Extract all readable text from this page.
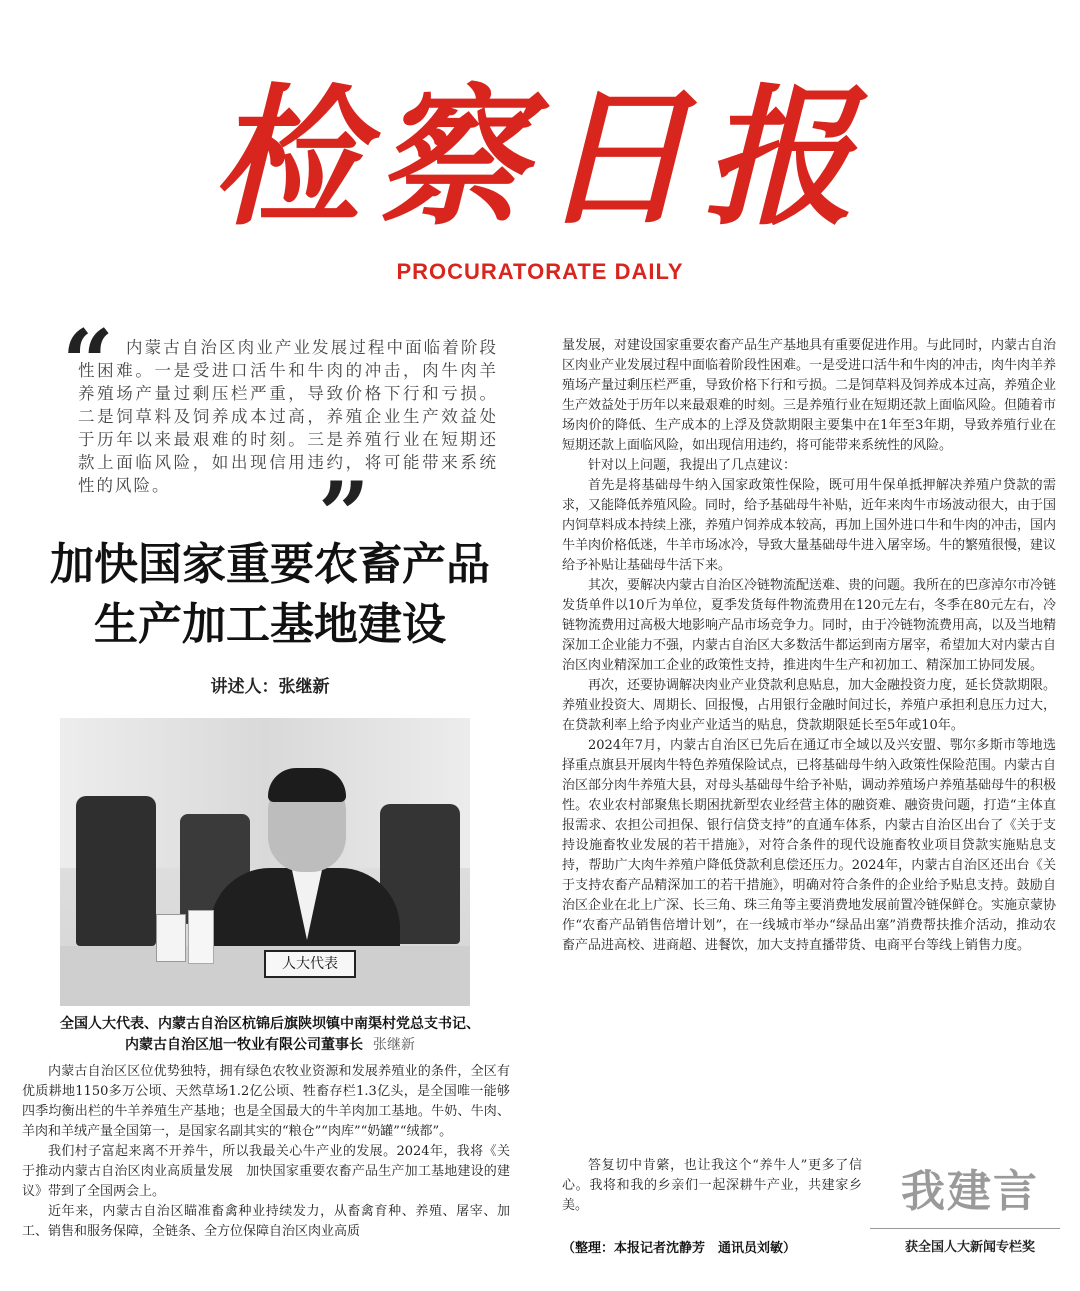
检察日报
PROCURATORATE DAILY
“ 内蒙古自治区肉业产业发展过程中面临着阶段性困难。一是受进口活牛和牛肉的冲击，肉牛肉羊养殖场产量过剩压栏严重，导致价格下行和亏损。二是饲草料及饲养成本过高，养殖企业生产效益处于历年以来最艰难的时刻。三是养殖行业在短期还款上面临风险，如出现信用违约，将可能带来系统性的风险。	”
加快国家重要农畜产品
生产加工基地建设
讲述人：张继新
人大代表
全国人大代表、内蒙古自治区杭锦后旗陕坝镇中南渠村党总支书记、
内蒙古自治区旭一牧业有限公司董事长 张继新

内蒙古自治区区位优势独特，拥有绿色农牧业资源和发展养殖业的条件，全区有优质耕地1150多万公顷、天然草场1.2亿公顷、牲畜存栏1.3亿头，是全国唯一能够四季均衡出栏的牛羊养殖生产基地；也是全国最大的牛羊肉加工基地。牛奶、牛肉、羊肉和羊绒产量全国第一，是国家名副其实的“粮仓”“肉库”“奶罐”“绒都”。

我们村子富起来离不开养牛，所以我最关心牛产业的发展。2024年，我将《关于推动内蒙古自治区肉业高质量发展　加快国家重要农畜产品生产加工基地建设的建议》带到了全国两会上。

近年来，内蒙古自治区瞄准畜禽种业持续发力，从畜禽育种、养殖、屠宰、加工、销售和服务保障，全链条、全方位保障自治区肉业高质

量发展，对建设国家重要农畜产品生产基地具有重要促进作用。与此同时，内蒙古自治区肉业产业发展过程中面临着阶段性困难。一是受进口活牛和牛肉的冲击，肉牛肉羊养殖场产量过剩压栏严重，导致价格下行和亏损。二是饲草料及饲养成本过高，养殖企业生产效益处于历年以来最艰难的时刻。三是养殖行业在短期还款上面临风险。但随着市场肉价的降低、生产成本的上浮及贷款期限主要集中在1年至3年期，导致养殖行业在短期还款上面临风险，如出现信用违约，将可能带来系统性的风险。

针对以上问题，我提出了几点建议：

首先是将基础母牛纳入国家政策性保险，既可用牛保单抵押解决养殖户贷款的需求，又能降低养殖风险。同时，给予基础母牛补贴，近年来肉牛市场波动很大，由于国内饲草料成本持续上涨，养殖户饲养成本较高，再加上国外进口牛和牛肉的冲击，国内牛羊肉价格低迷，牛羊市场冰冷，导致大量基础母牛进入屠宰场。牛的繁殖很慢，建议给予补贴让基础母牛活下来。

其次，要解决内蒙古自治区冷链物流配送难、贵的问题。我所在的巴彦淖尔市冷链发货单件以10斤为单位，夏季发货每件物流费用在120元左右，冬季在80元左右，冷链物流费用过高极大地影响产品市场竞争力。同时，由于冷链物流费用高，以及当地精深加工企业能力不强，内蒙古自治区大多数活牛都运到南方屠宰，希望加大对内蒙古自治区肉业精深加工企业的政策性支持，推进肉牛生产和初加工、精深加工协同发展。

再次，还要协调解决肉业产业贷款利息贴息，加大金融投资力度，延长贷款期限。养殖业投资大、周期长、回报慢，占用银行金融时间过长，养殖户承担利息压力过大，在贷款利率上给予肉业产业适当的贴息，贷款期限延长至5年或10年。

2024年7月，内蒙古自治区已先后在通辽市全域以及兴安盟、鄂尔多斯市等地选择重点旗县开展肉牛特色养殖保险试点，已将基础母牛纳入政策性保险范围。内蒙古自治区部分肉牛养殖大县，对母头基础母牛给予补贴，调动养殖场户养殖基础母牛的积极性。农业农村部聚焦长期困扰新型农业经营主体的融资难、融资贵问题，打造“主体直报需求、农担公司担保、银行信贷支持”的直通车体系，内蒙古自治区出台了《关于支持设施畜牧业发展的若干措施》，对符合条件的现代设施畜牧业项目贷款实施贴息支持，帮助广大肉牛养殖户降低贷款利息偿还压力。2024年，内蒙古自治区还出台《关于支持农畜产品精深加工的若干措施》，明确对符合条件的企业给予贴息支持。鼓励自治区企业在北上广深、长三角、珠三角等主要消费地发展前置冷链保鲜仓。实施京蒙协作“农畜产品销售倍增计划”，在一线城市举办“绿品出塞”消费帮扶推介活动，推动农畜产品进高校、进商超、进餐饮，加大支持直播带货、电商平台等线上销售力度。

答复切中肯綮，也让我这个“养牛人”更多了信心。我将和我的乡亲们一起深耕牛产业，共建家乡美。

（整理：本报记者沈静芳　通讯员刘敏）
我建言
获全国人大新闻专栏奖
